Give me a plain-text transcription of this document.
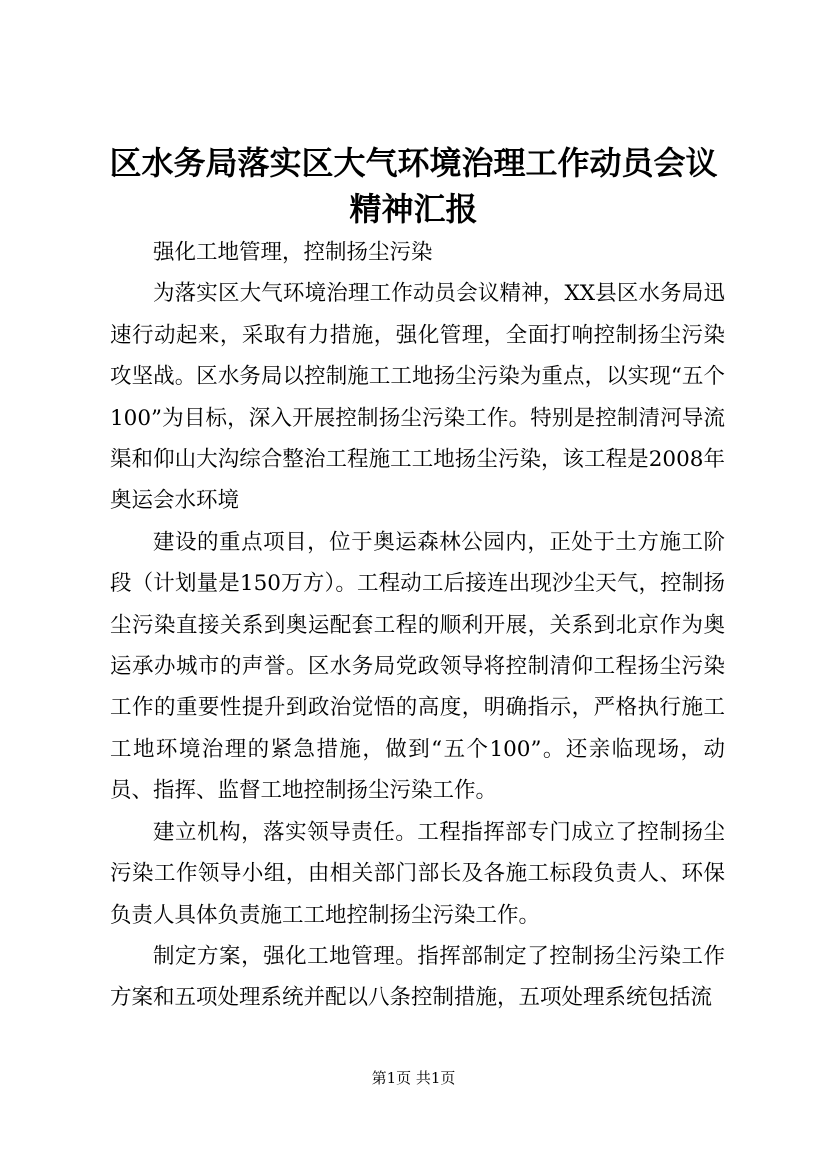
区水务局落实区大气环境治理工作动员会议精神汇报

强化工地管理，控制扬尘污染

为落实区大气环境治理工作动员会议精神，XX县区水务局迅速行动起来，采取有力措施，强化管理，全面打响控制扬尘污染攻坚战。区水务局以控制施工工地扬尘污染为重点，以实现“五个100”为目标，深入开展控制扬尘污染工作。特别是控制清河导流渠和仰山大沟综合整治工程施工工地扬尘污染，该工程是2008年奥运会水环境

建设的重点项目，位于奥运森林公园内，正处于土方施工阶段（计划量是150万方）。工程动工后接连出现沙尘天气，控制扬尘污染直接关系到奥运配套工程的顺利开展，关系到北京作为奥运承办城市的声誉。区水务局党政领导将控制清仰工程扬尘污染工作的重要性提升到政治觉悟的高度，明确指示，严格执行施工工地环境治理的紧急措施，做到“五个100”。还亲临现场，动员、指挥、监督工地控制扬尘污染工作。

建立机构，落实领导责任。工程指挥部专门成立了控制扬尘污染工作领导小组，由相关部门部长及各施工标段负责人、环保负责人具体负责施工工地控制扬尘污染工作。

制定方案，强化工地管理。指挥部制定了控制扬尘污染工作方案和五项处理系统并配以八条控制措施，五项处理系统包括流

第1页 共1页
